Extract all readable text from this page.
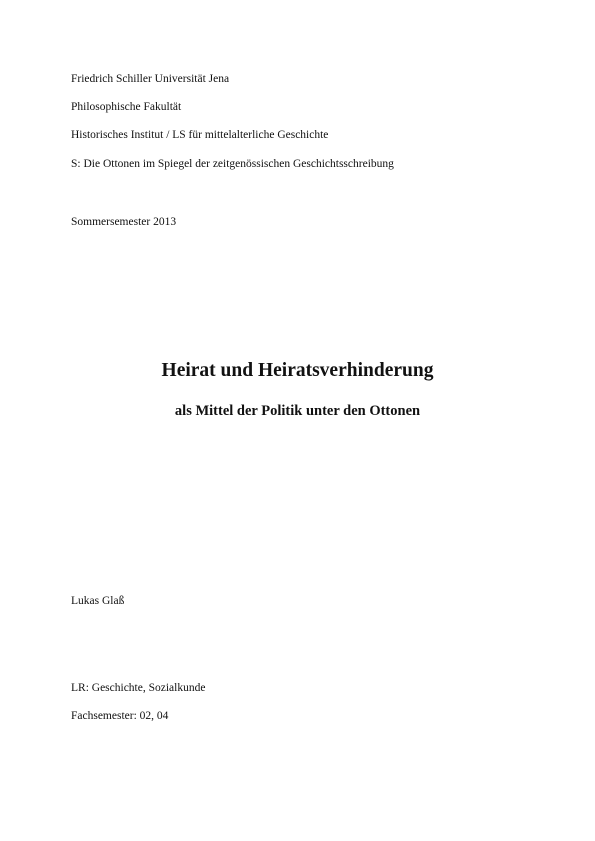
Friedrich Schiller Universität Jena
Philosophische Fakultät
Historisches Institut / LS für mittelalterliche Geschichte
S: Die Ottonen im Spiegel der zeitgenössischen Geschichtsschreibung
Sommersemester 2013
Heirat und Heiratsverhinderung
als Mittel der Politik unter den Ottonen
Lukas Glaß
LR: Geschichte, Sozialkunde
Fachsemester: 02, 04
